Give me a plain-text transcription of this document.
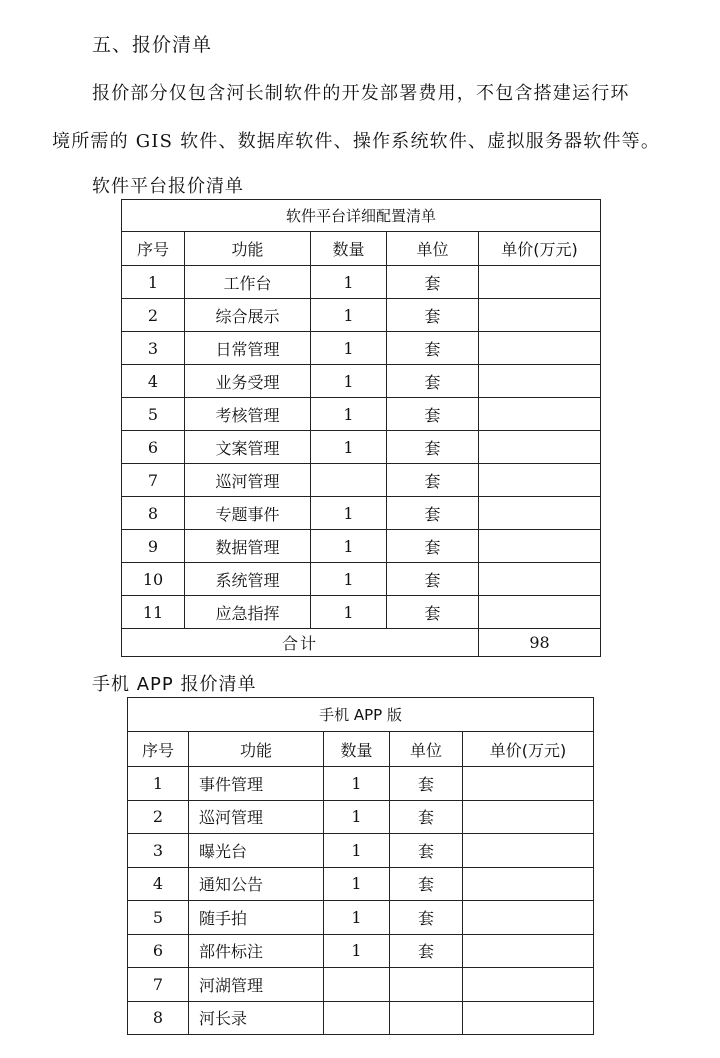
五、报价清单
报价部分仅包含河长制软件的开发部署费用，不包含搭建运行环
境所需的 GIS 软件、数据库软件、操作系统软件、虚拟服务器软件等。
软件平台报价清单
软件平台详细配置清单				
序号	功能	数量	单位	单价(万元)
1	工作台	1	套	
2	综合展示	1	套	
3	日常管理	1	套	
4	业务受理	1	套	
5	考核管理	1	套	
6	文案管理	1	套	
7	巡河管理		套	
8	专题事件	1	套	
9	数据管理	1	套	
10	系统管理	1	套	
11	应急指挥	1	套	
合计				98
手机 APP 报价清单
手机 APP 版				
序号	功能	数量	单位	单价(万元)
1	事件管理	1	套	
2	巡河管理	1	套	
3	曝光台	1	套	
4	通知公告	1	套	
5	随手拍	1	套	
6	部件标注	1	套	
7	河湖管理			
8	河长录			
